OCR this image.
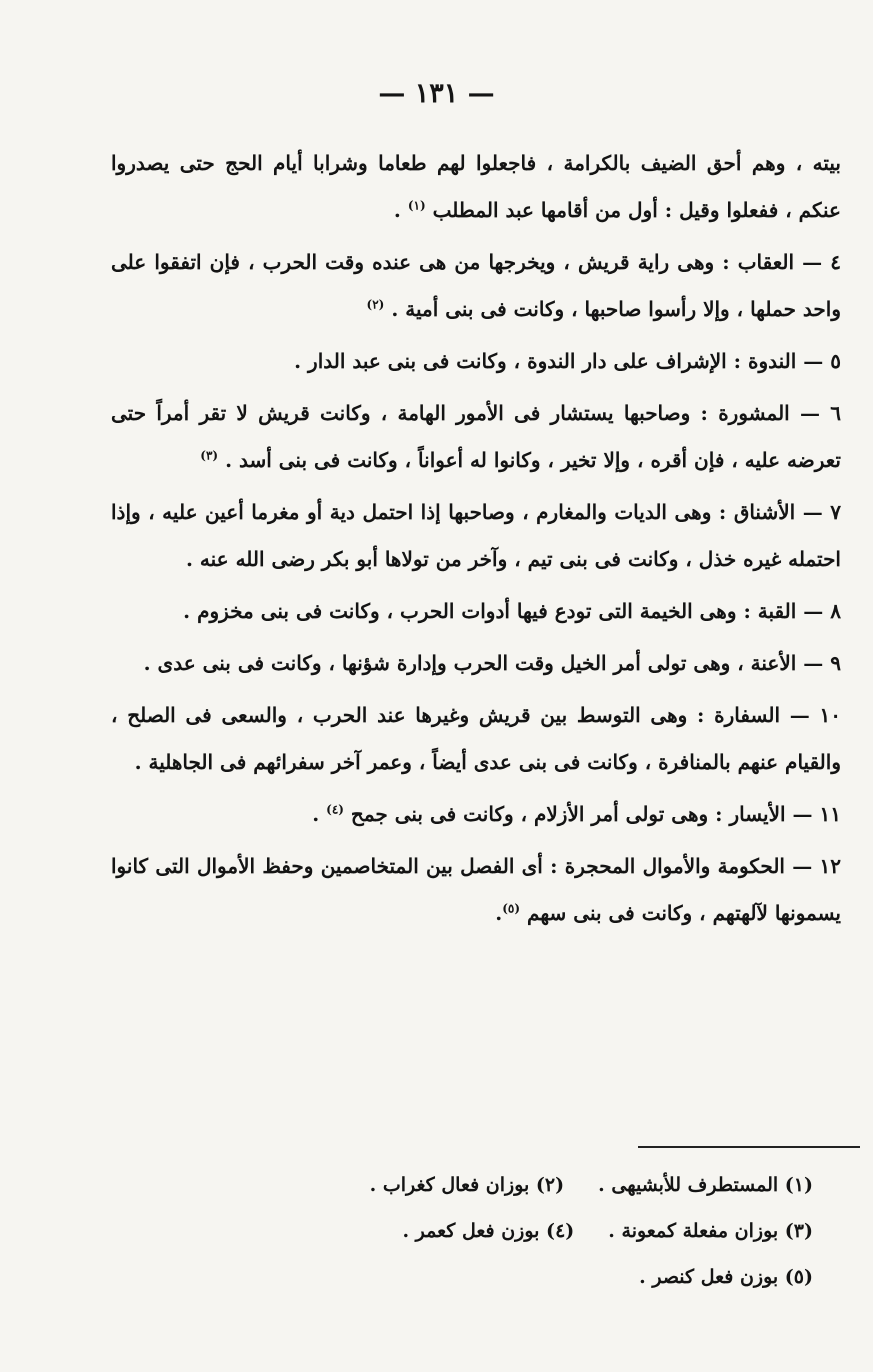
— ١٣١ —

بيته ، وهم أحق الضيف بالكرامة ، فاجعلوا لهم طعاما وشرابا أيام الحج حتى يصدروا عنكم ، ففعلوا وقيل : أول من أقامها عبد المطلب $^{(١)}$ .

٤ — العقاب : وهى راية قريش ، ويخرجها من هى عنده وقت الحرب ، فإن اتفقوا على واحد حملها ، وإلا رأسوا صاحبها ، وكانت فى بنى أمية . $^{(٢)}$

٥ — الندوة : الإشراف على دار الندوة ، وكانت فى بنى عبد الدار .

٦ — المشورة : وصاحبها يستشار فى الأمور الهامة ، وكانت قريش لا تقر أمراً حتى تعرضه عليه ، فإن أقره ، وإلا تخير ، وكانوا له أعواناً ، وكانت فى بنى أسد . $^{(٣)}$

٧ — الأشناق : وهى الديات والمغارم ، وصاحبها إذا احتمل دية أو مغرما أعين عليه ، وإذا احتمله غيره خذل ، وكانت فى بنى تيم ، وآخر من تولاها أبو بكر رضى الله عنه .

٨ — القبة : وهى الخيمة التى تودع فيها أدوات الحرب ، وكانت فى بنى مخزوم .

٩ — الأعنة ، وهى تولى أمر الخيل وقت الحرب وإدارة شؤنها ، وكانت فى بنى عدى .

١٠ — السفارة : وهى التوسط بين قريش وغيرها عند الحرب ، والسعى فى الصلح ، والقيام عنهم بالمنافرة ، وكانت فى بنى عدى أيضاً ، وعمر آخر سفرائهم فى الجاهلية .

١١ — الأيسار : وهى تولى أمر الأزلام ، وكانت فى بنى جمح $^{(٤)}$ .

١٢ — الحكومة والأموال المحجرة : أى الفصل بين المتخاصمين وحفظ الأموال التى كانوا يسمونها لآلهتهم ، وكانت فى بنى سهم $^{(٥)}$.

(١) المستطرف للأبشيهى .
(٢) بوزان فعال كغراب .
(٣) بوزان مفعلة كمعونة .
(٤) بوزن فعل كعمر .
(٥) بوزن فعل كنصر .
